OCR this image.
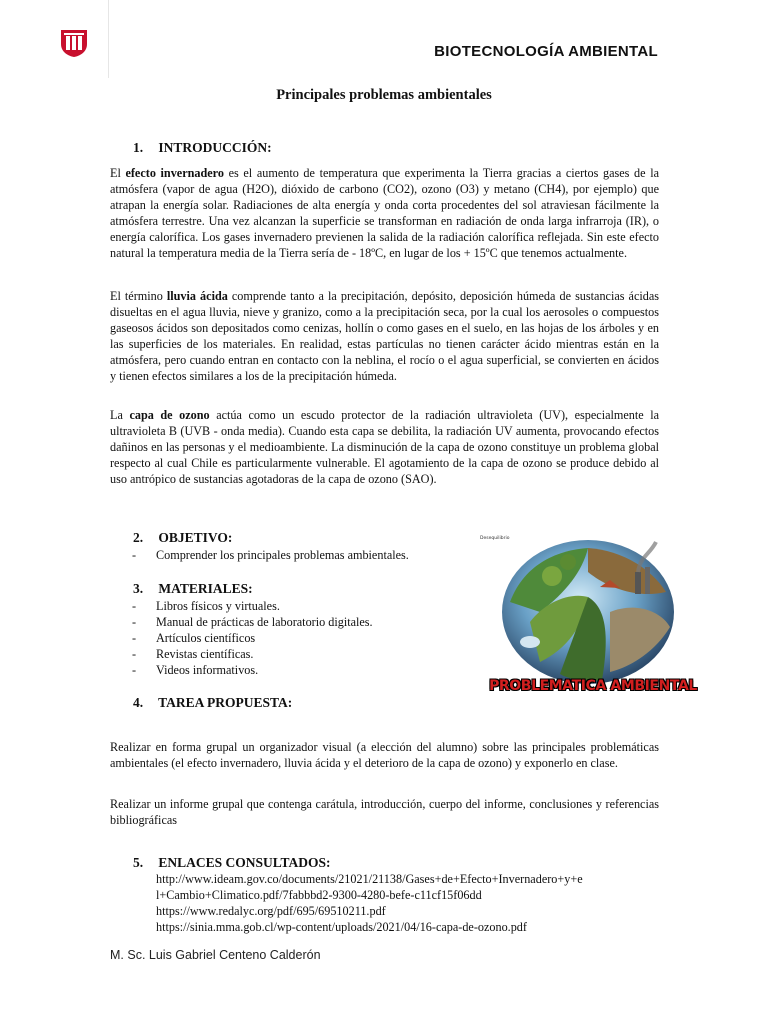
BIOTECNOLOGÍA AMBIENTAL
Principales problemas ambientales
1. INTRODUCCIÓN:

El efecto invernadero es el aumento de temperatura que experimenta la Tierra gracias a ciertos gases de la atmósfera (vapor de agua (H2O), dióxido de carbono (CO2), ozono (O3) y metano (CH4), por ejemplo) que atrapan la energía solar. Radiaciones de alta energía y onda corta procedentes del sol atraviesan fácilmente la atmósfera terrestre. Una vez alcanzan la superficie se transforman en radiación de onda larga infrarroja (IR), o energía calorífica. Los gases invernadero previenen la salida de la radiación calorífica reflejada. Sin este efecto natural la temperatura media de la Tierra sería de - 18ºC, en lugar de los + 15ºC que tenemos actualmente.

El término lluvia ácida comprende tanto a la precipitación, depósito, deposición húmeda de sustancias ácidas disueltas en el agua lluvia, nieve y granizo, como a la precipitación seca, por la cual los aerosoles o compuestos gaseosos ácidos son depositados como cenizas, hollín o como gases en el suelo, en las hojas de los árboles y en las superficies de los materiales. En realidad, estas partículas no tienen carácter ácido mientras están en la atmósfera, pero cuando entran en contacto con la neblina, el rocío o el agua superficial, se convierten en ácidos y tienen efectos similares a los de la precipitación húmeda.

La capa de ozono actúa como un escudo protector de la radiación ultravioleta (UV), especialmente la ultravioleta B (UVB - onda media). Cuando esta capa se debilita, la radiación UV aumenta, provocando efectos dañinos en las personas y el medioambiente. La disminución de la capa de ozono constituye un problema global respecto al cual Chile es particularmente vulnerable. El agotamiento de la capa de ozono se produce debido al uso antrópico de sustancias agotadoras de la capa de ozono (SAO).

2. OBJETIVO:
- Comprender los principales problemas ambientales.
3. MATERIALES:
- Libros físicos y virtuales.
- Manual de prácticas de laboratorio digitales.
- Artículos científicos
- Revistas científicas.
- Videos informativos.
4. TAREA PROPUESTA:

Realizar en forma grupal un organizador visual (a elección del alumno) sobre las principales problemáticas ambientales (el efecto invernadero, lluvia ácida y el deterioro de la capa de ozono) y exponerlo en clase.

Realizar un informe grupal que contenga carátula, introducción, cuerpo del informe, conclusiones y referencias bibliográficas

5. ENLACES CONSULTADOS:
http://www.ideam.gov.co/documents/21021/21138/Gases+de+Efecto+Invernadero+y+e
l+Cambio+Climatico.pdf/7fabbbd2-9300-4280-befe-c11cf15f06dd
https://www.redalyc.org/pdf/695/69510211.pdf
https://sinia.mma.gob.cl/wp-content/uploads/2021/04/16-capa-de-ozono.pdf
Desequilibrio
PROBLEMATICA AMBIENTAL
M. Sc. Luis Gabriel Centeno Calderón
